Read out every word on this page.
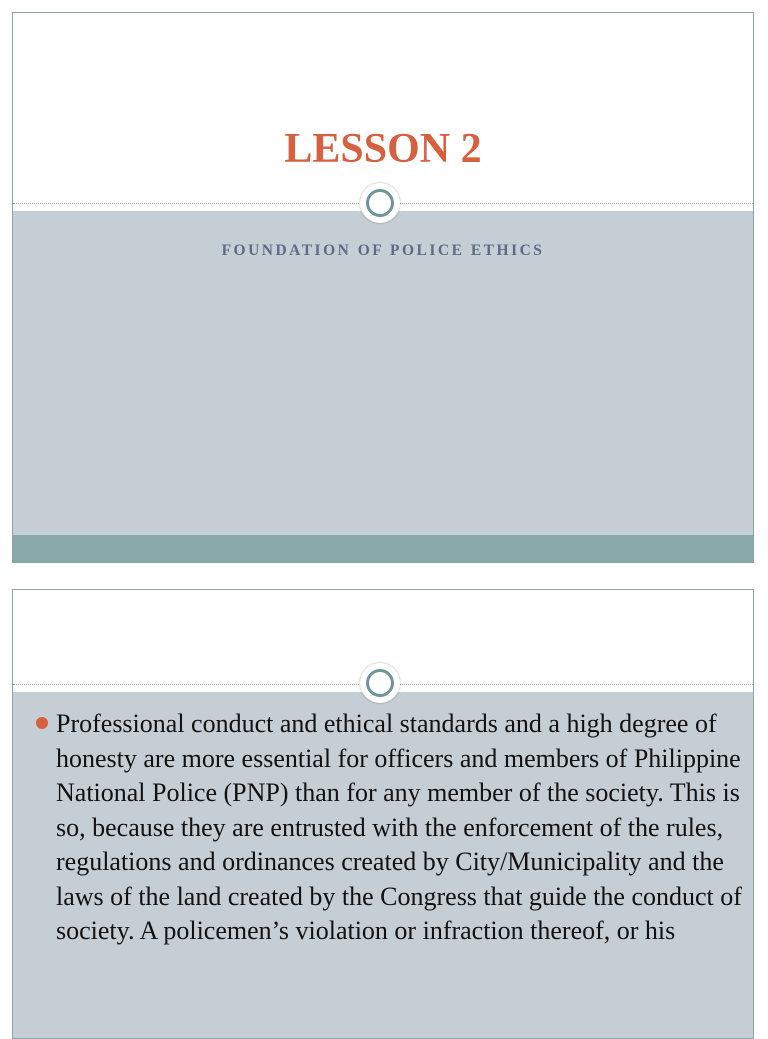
LESSON 2
FOUNDATION OF POLICE ETHICS
Professional conduct and ethical standards and a high degree of honesty are more essential for officers and members of Philippine National Police (PNP) than for any member of the society. This is so, because they are entrusted with the enforcement of the rules, regulations and ordinances created by City/Municipality and the laws of the land created by the Congress that guide the conduct of society. A policemen’s violation or infraction thereof, or his
